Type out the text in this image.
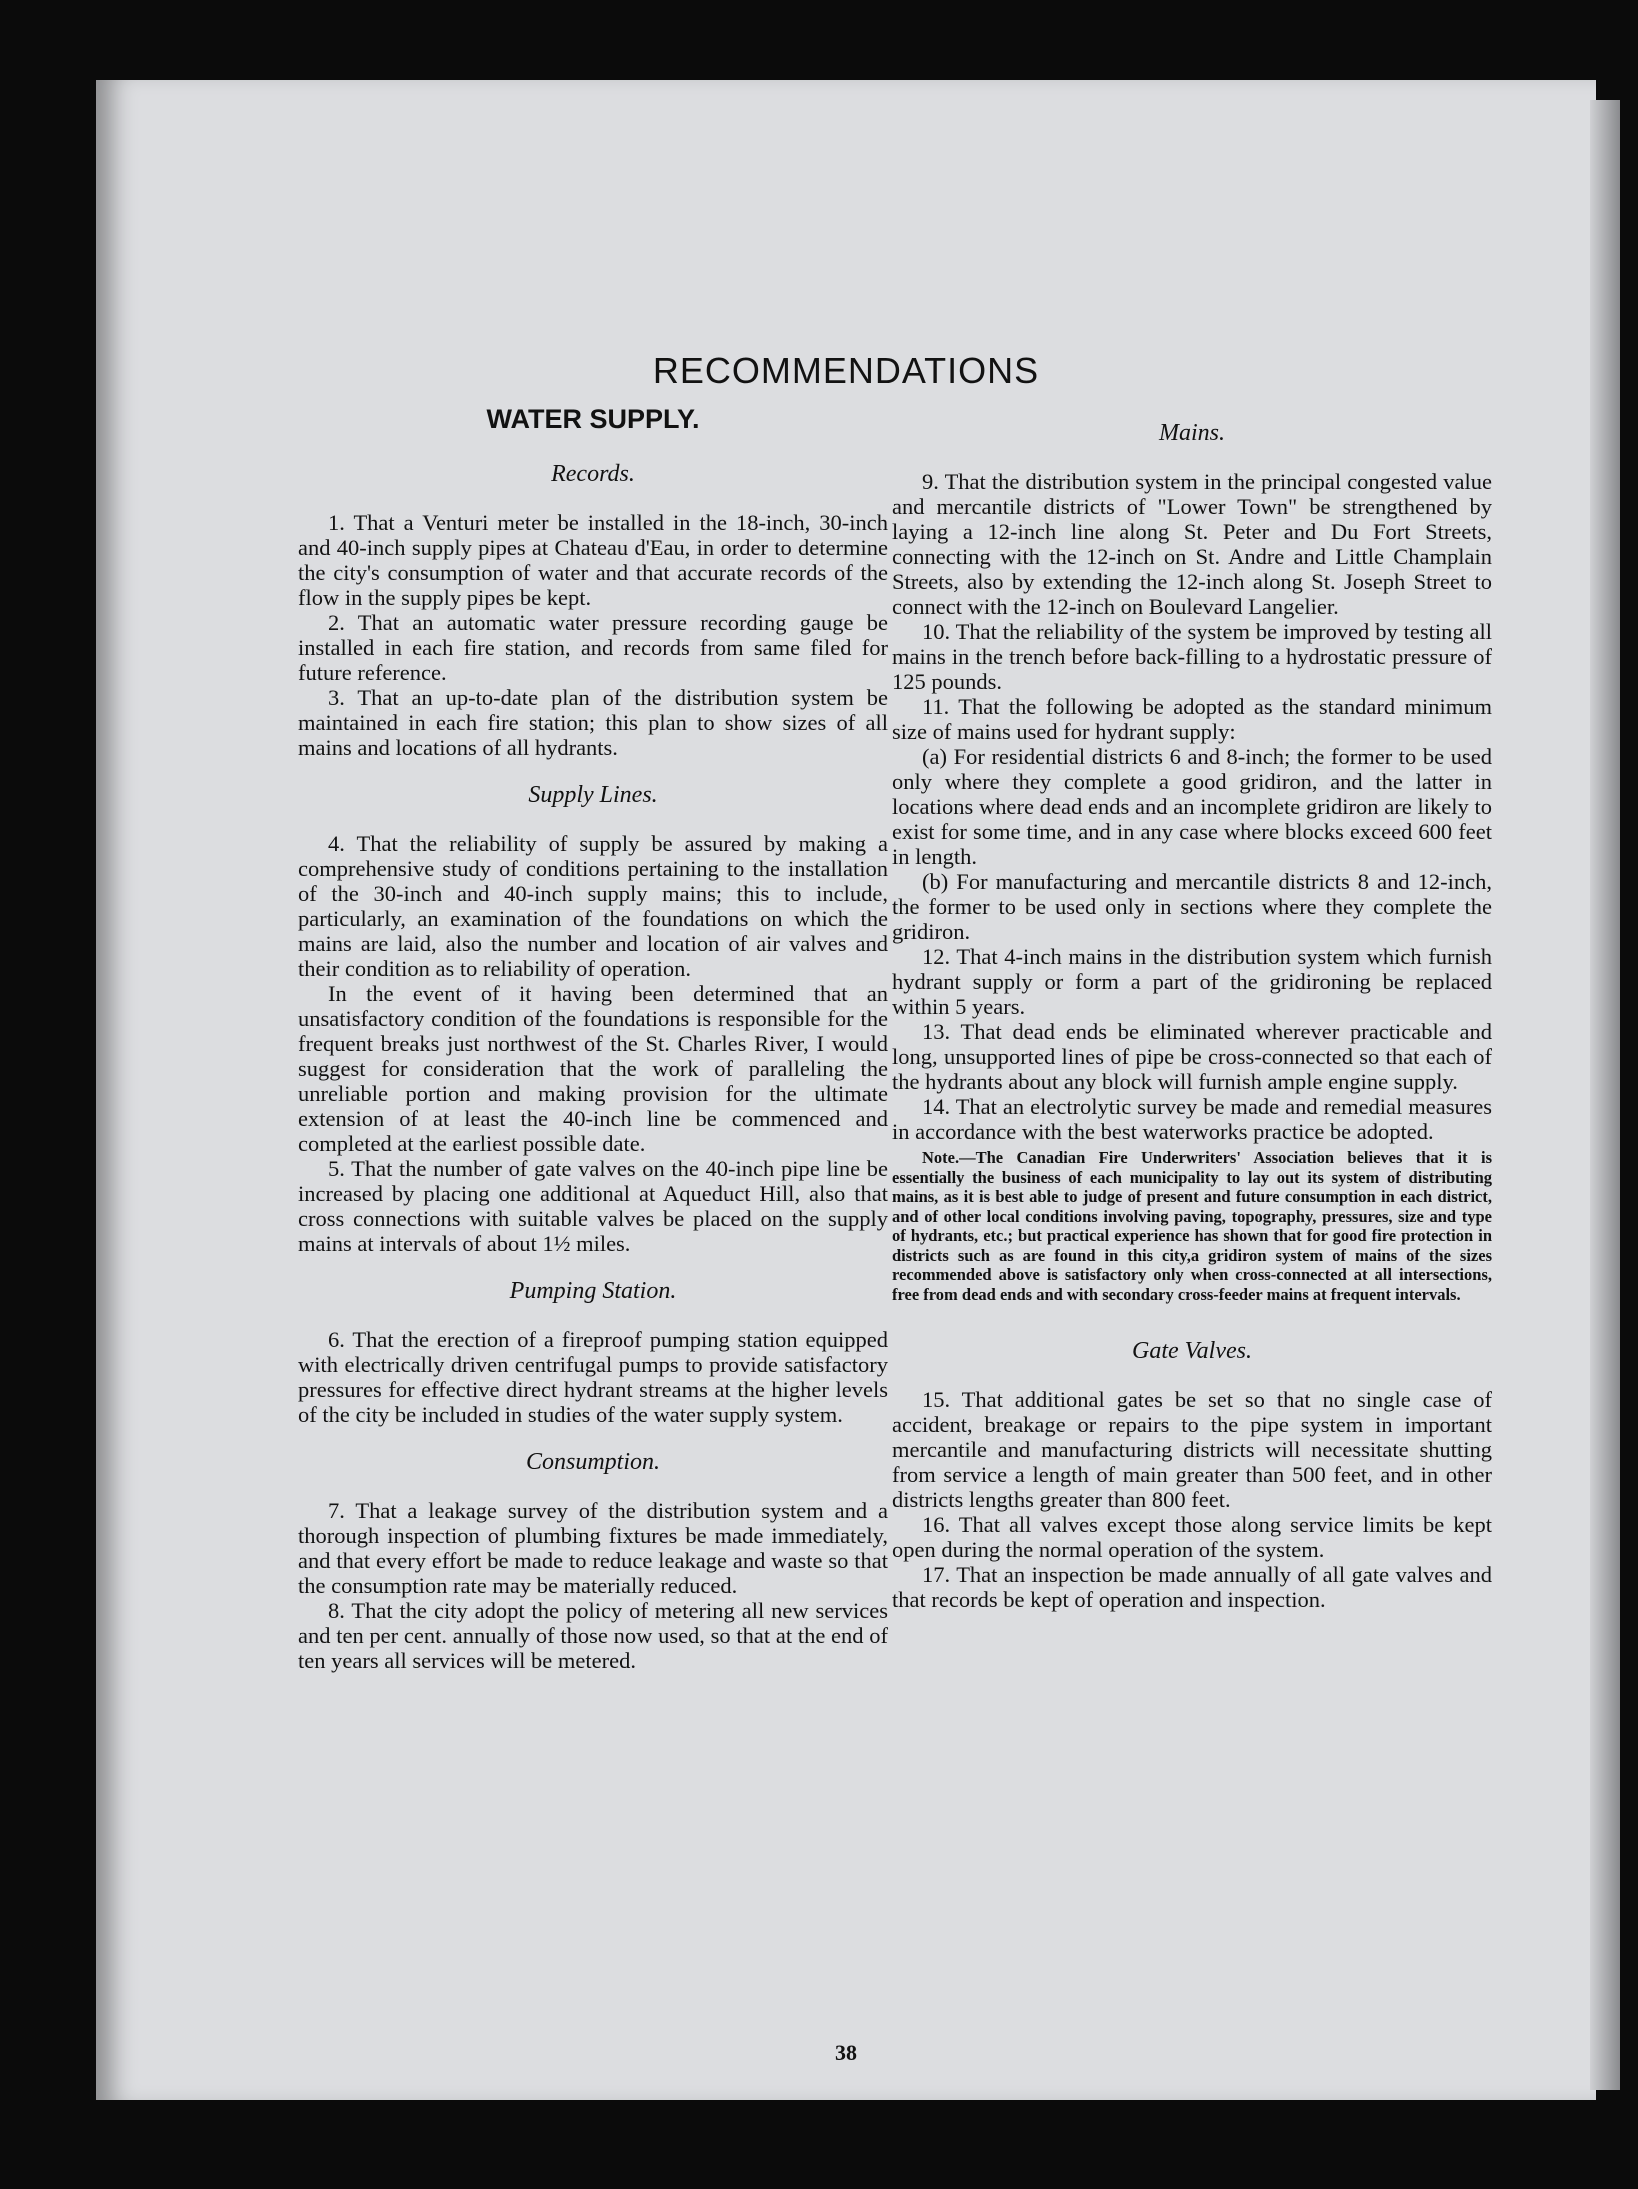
RECOMMENDATIONS
WATER SUPPLY.
Records.

1. That a Venturi meter be installed in the 18-inch, 30-inch and 40-inch supply pipes at Chateau d'Eau, in order to determine the city's consumption of water and that accurate records of the flow in the supply pipes be kept.

2. That an automatic water pressure recording gauge be installed in each fire station, and records from same filed for future reference.

3. That an up-to-date plan of the distribution system be maintained in each fire station; this plan to show sizes of all mains and locations of all hydrants.

Supply Lines.

4. That the reliability of supply be assured by making a comprehensive study of conditions pertaining to the installation of the 30-inch and 40-inch supply mains; this to include, particularly, an examination of the foundations on which the mains are laid, also the number and location of air valves and their condition as to reliability of operation.

In the event of it having been determined that an unsatisfactory condition of the foundations is responsible for the frequent breaks just northwest of the St. Charles River, I would suggest for consideration that the work of paralleling the unreliable portion and making provision for the ultimate extension of at least the 40-inch line be commenced and completed at the earliest possible date.

5. That the number of gate valves on the 40-inch pipe line be increased by placing one additional at Aqueduct Hill, also that cross connections with suitable valves be placed on the supply mains at intervals of about 1½ miles.

Pumping Station.

6. That the erection of a fireproof pumping station equipped with electrically driven centrifugal pumps to provide satisfactory pressures for effective direct hydrant streams at the higher levels of the city be included in studies of the water supply system.

Consumption.

7. That a leakage survey of the distribution system and a thorough inspection of plumbing fixtures be made immediately, and that every effort be made to reduce leakage and waste so that the consumption rate may be materially reduced.

8. That the city adopt the policy of metering all new services and ten per cent. annually of those now used, so that at the end of ten years all services will be metered.

Mains.

9. That the distribution system in the principal congested value and mercantile districts of "Lower Town" be strengthened by laying a 12-inch line along St. Peter and Du Fort Streets, connecting with the 12-inch on St. Andre and Little Champlain Streets, also by extending the 12-inch along St. Joseph Street to connect with the 12-inch on Boulevard Langelier.

10. That the reliability of the system be improved by testing all mains in the trench before back-filling to a hydrostatic pressure of 125 pounds.

11. That the following be adopted as the standard minimum size of mains used for hydrant supply:

(a) For residential districts 6 and 8-inch; the former to be used only where they complete a good gridiron, and the latter in locations where dead ends and an incomplete gridiron are likely to exist for some time, and in any case where blocks exceed 600 feet in length.

(b) For manufacturing and mercantile districts 8 and 12-inch, the former to be used only in sections where they complete the gridiron.

12. That 4-inch mains in the distribution system which furnish hydrant supply or form a part of the gridironing be replaced within 5 years.

13. That dead ends be eliminated wherever practicable and long, unsupported lines of pipe be cross-connected so that each of the hydrants about any block will furnish ample engine supply.

14. That an electrolytic survey be made and remedial measures in accordance with the best waterworks practice be adopted.

Note.—The Canadian Fire Underwriters' Association believes that it is essentially the business of each municipality to lay out its system of distributing mains, as it is best able to judge of present and future consumption in each district, and of other local conditions involving paving, topography, pressures, size and type of hydrants, etc.; but practical experience has shown that for good fire protection in districts such as are found in this city,a gridiron system of mains of the sizes recommended above is satisfactory only when cross-connected at all intersections, free from dead ends and with secondary cross-feeder mains at frequent intervals.

Gate Valves.

15. That additional gates be set so that no single case of accident, breakage or repairs to the pipe system in important mercantile and manufacturing districts will necessitate shutting from service a length of main greater than 500 feet, and in other districts lengths greater than 800 feet.

16. That all valves except those along service limits be kept open during the normal operation of the system.

17. That an inspection be made annually of all gate valves and that records be kept of operation and inspection.

38
